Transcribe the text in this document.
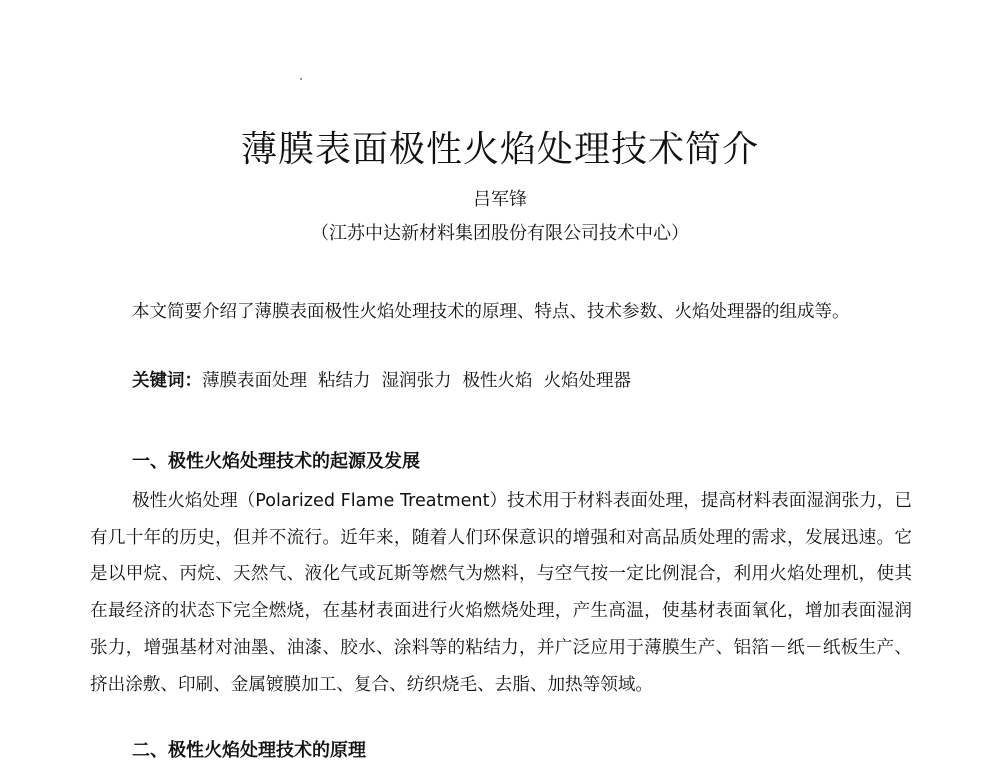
薄膜表面极性火焰处理技术简介
吕军锋
（江苏中达新材料集团股份有限公司技术中心）

本文简要介绍了薄膜表面极性火焰处理技术的原理、特点、技术参数、火焰处理器的组成等。

关键词：薄膜表面处理 粘结力 湿润张力 极性火焰 火焰处理器
一、极性火焰处理技术的起源及发展

极性火焰处理（Polarized Flame Treatment）技术用于材料表面处理，提高材料表面湿润张力，已有几十年的历史，但并不流行。近年来，随着人们环保意识的增强和对高品质处理的需求，发展迅速。它是以甲烷、丙烷、天然气、液化气或瓦斯等燃气为燃料，与空气按一定比例混合，利用火焰处理机，使其在最经济的状态下完全燃烧，在基材表面进行火焰燃烧处理，产生高温，使基材表面氧化，增加表面湿润张力，增强基材对油墨、油漆、胶水、涂料等的粘结力，并广泛应用于薄膜生产、铝箔－纸－纸板生产、挤出涂敷、印刷、金属镀膜加工、复合、纺织烧毛、去脂、加热等领域。

二、极性火焰处理技术的原理
